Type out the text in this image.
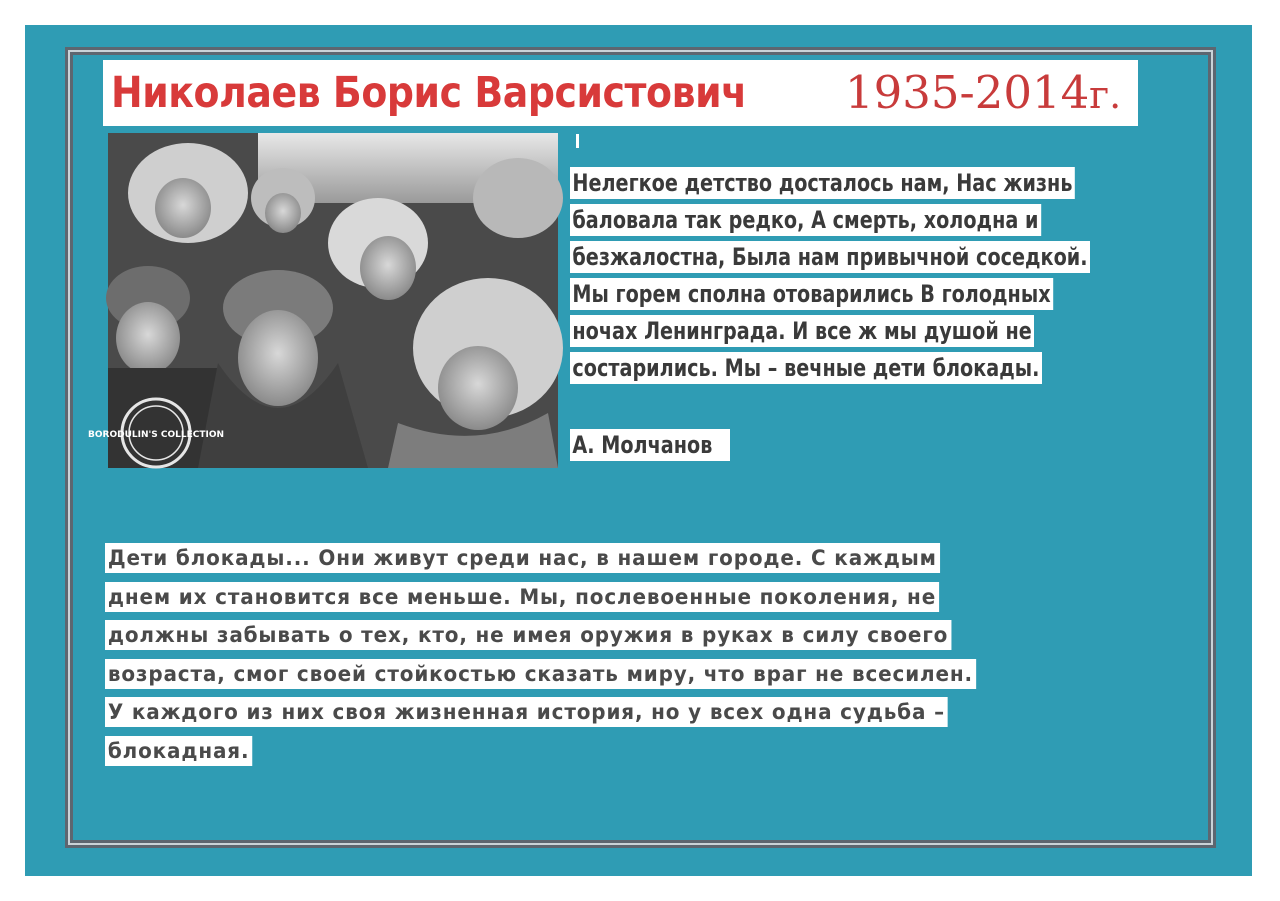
Николаев Борис Варсистович 1935-2014г.
BORODULIN'S COLLECTION
Нелегкое детство досталось нам, Нас жизнь
баловала так редко, А смерть, холодна и
безжалостна, Была нам привычной соседкой.
Мы горем сполна отоварились В голодных
ночах Ленинграда. И все ж мы душой не
состарились. Мы – вечные дети блокады.
А. Молчанов
Дети блокады... Они живут среди нас, в нашем городе. С каждым
днем их становится все меньше. Мы, послевоенные поколения, не
должны забывать о тех, кто, не имея оружия в руках в силу своего
возраста, смог своей стойкостью сказать миру, что враг не всесилен.
У каждого из них своя жизненная история, но у всех одна судьба –
блокадная.
